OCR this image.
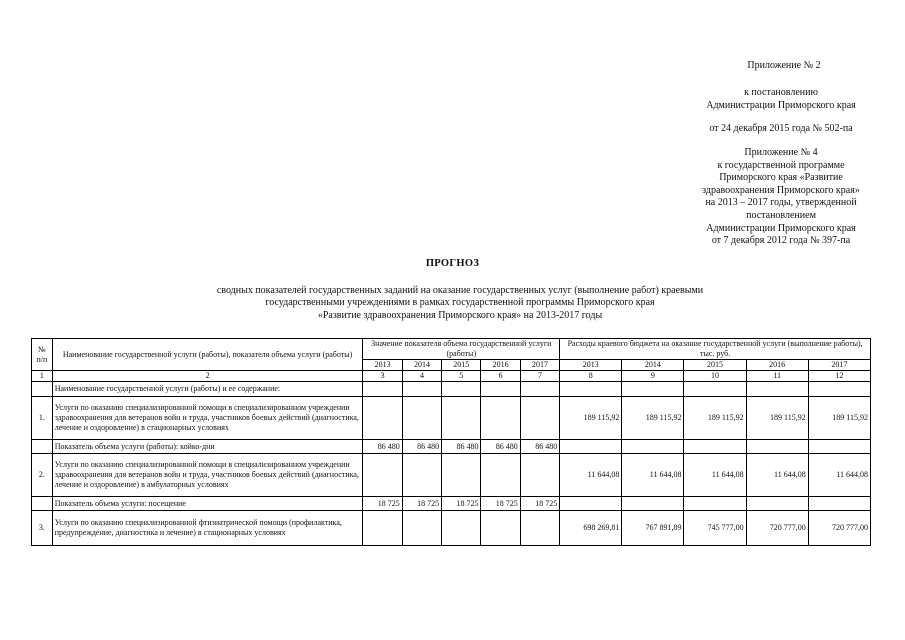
Приложение № 2
к постановлению
Администрации Приморского края
от 24 декабря 2015 года № 502-па
Приложение № 4
к государственной программе
Приморского края «Развитие
здравоохранения Приморского края»
на 2013 – 2017 годы, утвержденной
постановлением
Администрации Приморского края
от 7 декабря 2012 года № 397-па
ПРОГНОЗ
сводных показателей государственных заданий на оказание государственных услуг (выполнение работ) краевыми
государственными учреждениями в рамках государственной программы Приморского края
«Развитие здравоохранения Приморского края» на 2013-2017 годы
№ п/п	Наименование государственной услуги (работы), показателя объема услуги (работы)	Значение показателя объема государственной услуги (работы)					Расходы краевого бюджета на оказание государственной услуги (выполнение работы), тыс. руб.				
		2013	2014	2015	2016	2017	2013	2014	2015	2016	2017
1	2	3	4	5	6	7	8	9	10	11	12
	Наименование государственной услуги (работы) и ее содержание:										
1.	Услуги по оказанию специализированной помощи в специализированном учреждении здравоохранения для ветеранов войн и труда, участников боевых действий (диагностика, лечение и оздоровление) в стационарных условиях						189 115,92	189 115,92	189 115,92	189 115,92	189 115,92
	Показатель объема услуги (работы): койко-дни	86 480	86 480	86 480	86 480	86 480					
2.	Услуги по оказанию специализированной помощи в специализированном учреждении здравоохранения для ветеранов войн и труда, участников боевых действий (диагностика, лечение и оздоровление) в амбулаторных условиях						11 644,08	11 644,08	11 644,08	11 644,08	11 644,08
	Показатель объема услуги: посещение	18 725	18 725	18 725	18 725	18 725					
3.	Услуги по оказанию специализированной фтизиатрической помощи (профилактика, предупреждение, диагностика и лечение) в стационарных условиях						698 269,81	767 891,89	745 777,00	720 777,00	720 777,00
